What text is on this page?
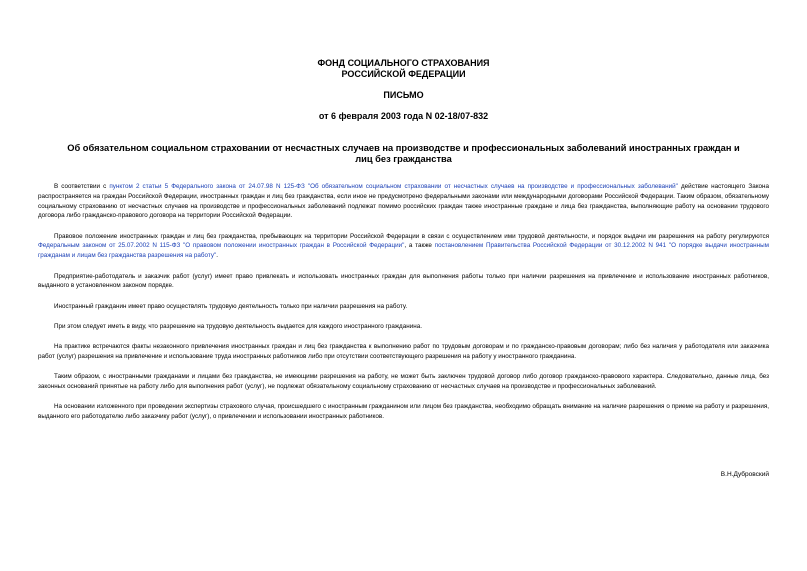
ФОНД СОЦИАЛЬНОГО СТРАХОВАНИЯ
РОССИЙСКОЙ ФЕДЕРАЦИИ
ПИСЬМО
от 6 февраля 2003 года N 02-18/07-832
Об обязательном социальном страховании от несчастных случаев на производстве и профессиональных заболеваний иностранных граждан и лиц без гражданства

В соответствии с пунктом 2 статьи 5 Федерального закона от 24.07.98 N 125-ФЗ "Об обязательном социальном страховании от несчастных случаев на производстве и профессиональных заболеваний" действие настоящего Закона распространяется на граждан Российской Федерации, иностранных граждан и лиц без гражданства, если иное не предусмотрено федеральными законами или международными договорами Российской Федерации. Таким образом, обязательному социальному страхованию от несчастных случаев на производстве и профессиональных заболеваний подлежат помимо российских граждан также иностранные граждане и лица без гражданства, выполняющие работу на основании трудового договора либо гражданско-правового договора на территории Российской Федерации.

Правовое положение иностранных граждан и лиц без гражданства, пребывающих на территории Российской Федерации в связи с осуществлением ими трудовой деятельности, и порядок выдачи им разрешения на работу регулируются Федеральным законом от 25.07.2002 N 115-ФЗ "О правовом положении иностранных граждан в Российской Федерации", а также постановлением Правительства Российской Федерации от 30.12.2002 N 941 "О порядке выдачи иностранным гражданам и лицам без гражданства разрешения на работу".

Предприятие-работодатель и заказчик работ (услуг) имеет право привлекать и использовать иностранных граждан для выполнения работы только при наличии разрешения на привлечение и использование иностранных работников, выданного в установленном законом порядке.

Иностранный гражданин имеет право осуществлять трудовую деятельность только при наличии разрешения на работу.

При этом следует иметь в виду, что разрешение на трудовую деятельность выдается для каждого иностранного гражданина.

На практике встречаются факты незаконного привлечения иностранных граждан и лиц без гражданства к выполнению работ по трудовым договорам и по гражданско-правовым договорам; либо без наличия у работодателя или заказчика работ (услуг) разрешения на привлечение и использование труда иностранных работников либо при отсутствии соответствующего разрешения на работу у иностранного гражданина.

Таким образом, с иностранными гражданами и лицами без гражданства, не имеющими разрешения на работу, не может быть заключен трудовой договор либо договор гражданско-правового характера. Следовательно, данные лица, без законных оснований принятые на работу либо для выполнения работ (услуг), не подлежат обязательному социальному страхованию от несчастных случаев на производстве и профессиональных заболеваний.

На основании изложенного при проведении экспертизы страхового случая, происшедшего с иностранным гражданином или лицом без гражданства, необходимо обращать внимание на наличие разрешения о приеме на работу и разрешения, выданного его работодателю либо заказчику работ (услуг), о привлечении и использовании иностранных работников.

В.Н.Дубровский
